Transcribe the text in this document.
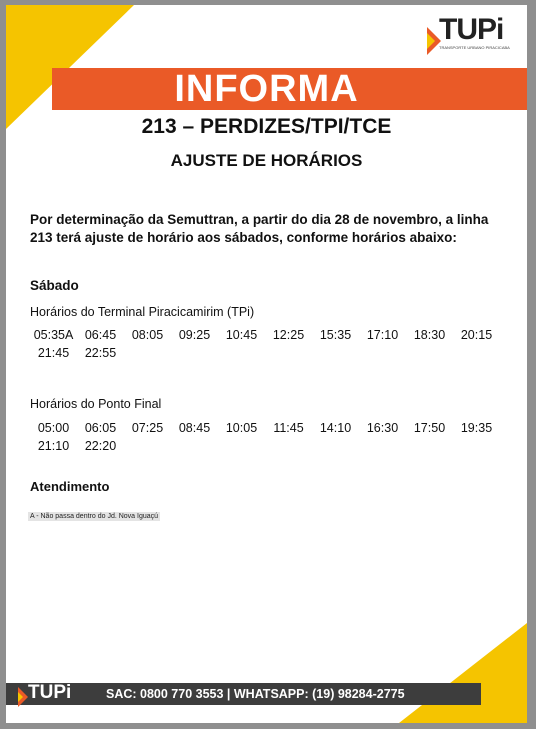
TUPi
TRANSPORTE URBANO PIRACICABA
INFORMA
213 – PERDIZES/TPI/TCE
AJUSTE DE HORÁRIOS
Por determinação da Semuttran, a partir do dia 28 de novembro, a linha 213 terá ajuste de horário aos sábados, conforme horários abaixo:
Sábado
Horários do Terminal Piracicamirim (TPi)
05:35A 06:45	08:05	09:25	10:45	12:25	15:35	17:10	18:30	20:15
21:45	22:55
Horários do Ponto Final
05:00	06:05	07:25	08:45	10:05	11:45	14:10	16:30	17:50	19:35
21:10	22:20
Atendimento
A - Não passa dentro do Jd. Nova Iguaçú
SAC: 0800 770 3553 | WHATSAPP: (19) 98284-2775
TUPi
